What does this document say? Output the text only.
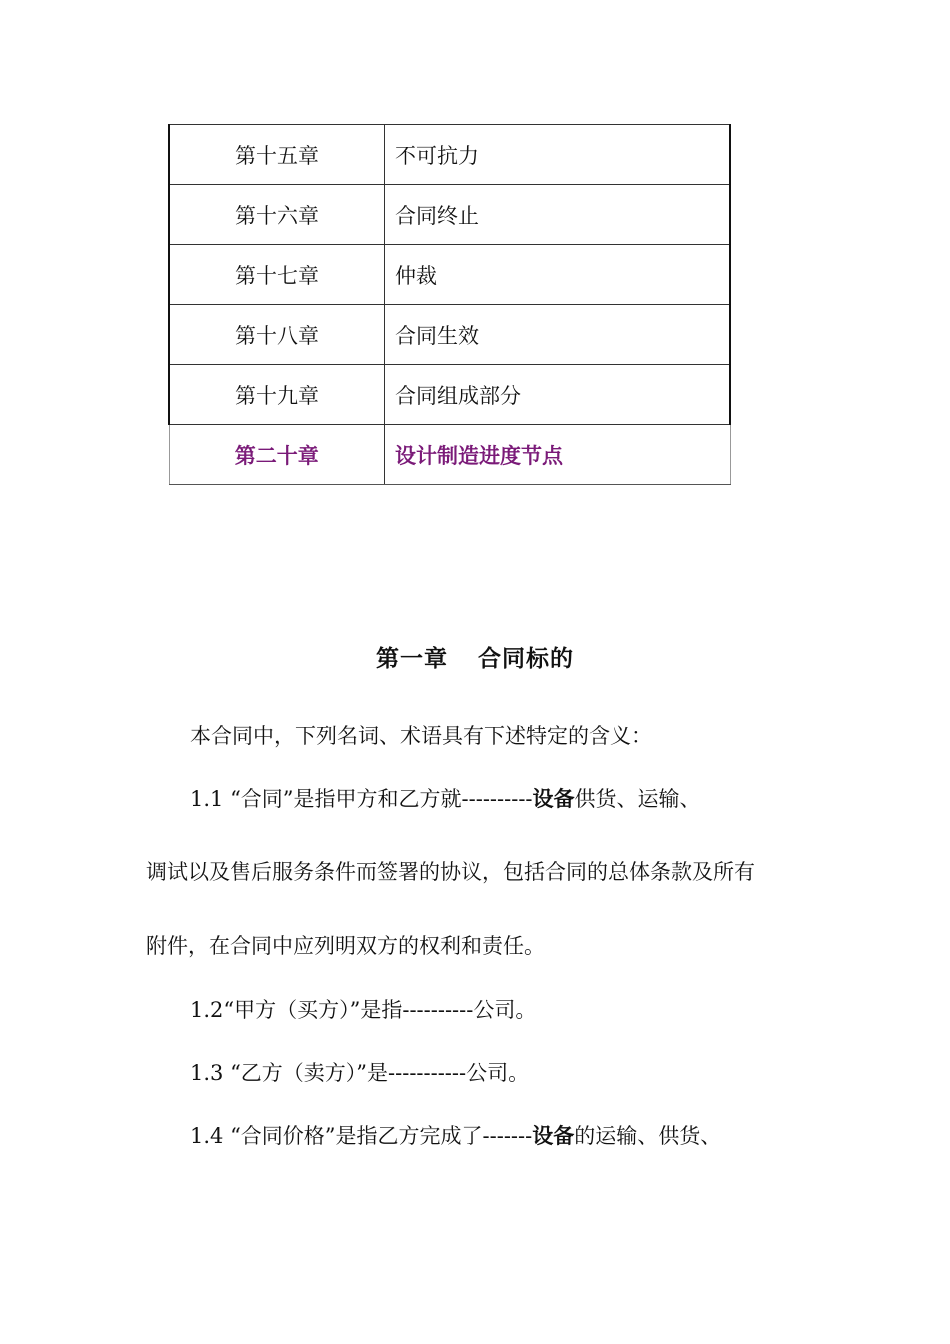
第十五章	不可抗力
第十六章	合同终止
第十七章	仲裁
第十八章	合同生效
第十九章	合同组成部分
第二十章	设计制造进度节点
第一章 合同标的
本合同中，下列名词、术语具有下述特定的含义：
1.1 “合同”是指甲方和乙方就----------设备供货、运输、
调试以及售后服务条件而签署的协议，包括合同的总体条款及所有
附件，在合同中应列明双方的权利和责任。
1.2“甲方（买方）”是指----------公司。
1.3 “乙方（卖方）”是-----------公司。
1.4 “合同价格”是指乙方完成了-------设备的运输、供货、
